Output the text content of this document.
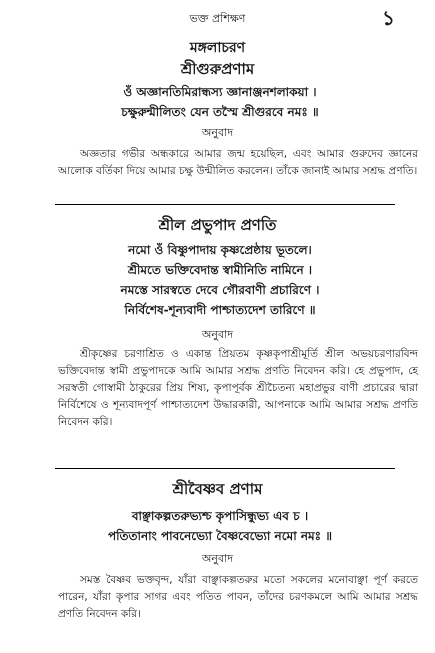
ভক্ত প্রশিক্ষণ	১
মঙ্গলাচরণ
শ্রীগুরুপ্রণাম
ওঁ অজ্ঞানতিমিরান্ধস্য জ্ঞানাঞ্জনশলাকয়া ।
চক্ষুরুন্মীলিতং যেন তস্মৈ শ্রীগুরবে নমঃ ॥
অনুবাদ
অজ্ঞতার গভীর অন্ধকারে আমার জন্ম হয়েছিল, এবং আমার গুরুদেব জ্ঞানের আলোক বর্তিকা দিয়ে আমার চক্ষু উন্মীলিত করলেন। তাঁকে জানাই আমার সশ্রদ্ধ প্রণতি।
শ্রীল প্রভুপাদ প্রণতি
নমো ওঁ বিষ্ণুপাদায় কৃষ্ণপ্রেষ্ঠায় ভূতলে।
শ্রীমতে ভক্তিবেদান্ত স্বামীনিতি নামিনে ।
নমস্তে সারস্বতে দেবে গৌরবাণী প্রচারিণে ।
নির্বিশেষ-শূন্যবাদী পাশ্চাত্যদেশ তারিণে ॥
অনুবাদ
শ্রীকৃষ্ণের চরণাশ্রিত ও একান্ত প্রিয়তম কৃষ্ণকৃপাশ্রীমূর্তি শ্রীল অভয়চরণারবিন্দ ভক্তিবেদান্ত স্বামী প্রভুপাদকে আমি আমার সশ্রদ্ধ প্রণতি নিবেদন করি। হে প্রভুপাদ, হে সরস্বতী গোস্বামী ঠাকুরের প্রিয় শিষ্য, কৃপাপূর্বক শ্রীচৈতন্য মহাপ্রভুর বাণী প্রচারের দ্বারা নির্বিশেষে ও শূন্যবাদপূর্ণ পাশ্চাত্যদেশ উদ্ধারকারী, আপনাকে আমি আমার সশ্রদ্ধ প্রণতি নিবেদন করি।
শ্রীবৈষ্ণব প্রণাম
বাঞ্ছাকল্পতরুভ্যশ্চ কৃপাসিন্ধুভ্য এব চ ।
পতিতানাং পাবনেভ্যো বৈষ্ণবেভ্যো নমো নমঃ ॥
অনুবাদ
সমস্ত বৈষ্ণব ভক্তবৃন্দ, যাঁরা বাঞ্ছাকল্পতরুর মতো সকলের মনোবাঞ্ছা পূর্ণ করতে পারেন, যাঁরা কৃপার সাগর এবং পতিত পাবন, তাঁদের চরণকমলে আমি আমার সশ্রদ্ধ প্রণতি নিবেদন করি।
